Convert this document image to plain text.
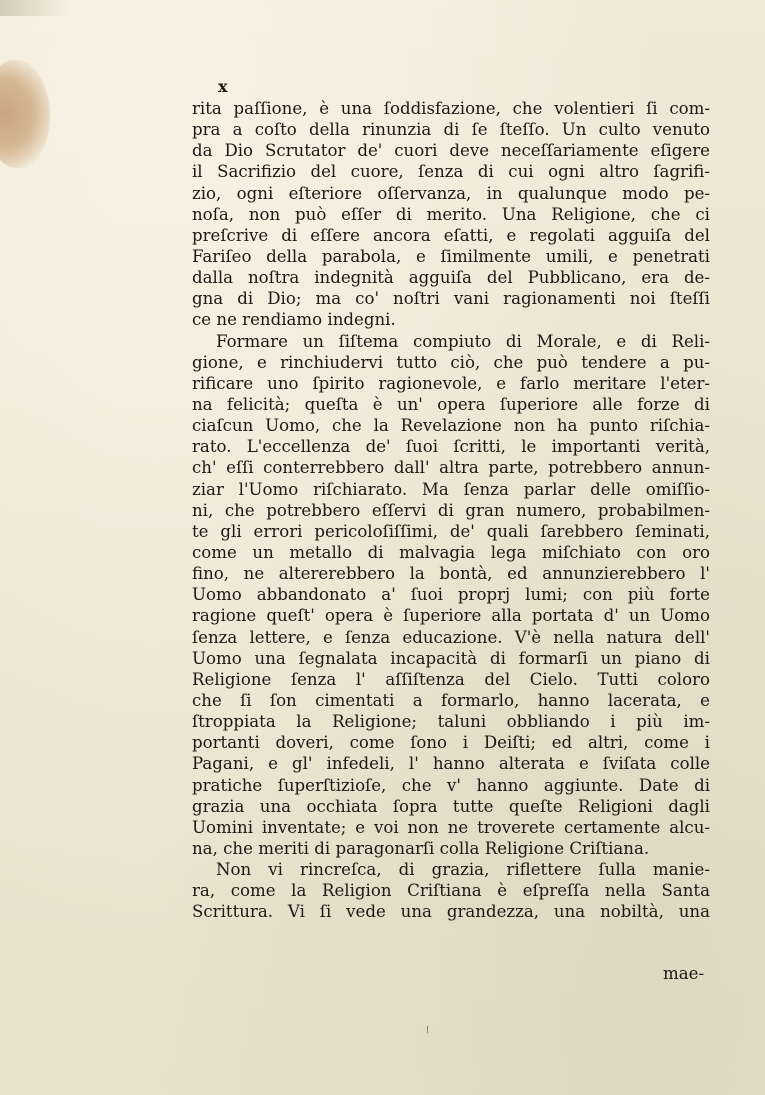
x
rita paſſione, è una ſoddisfazione, che volentieri ſi com-
pra a coſto della rinunzia di ſe ſteſſo. Un culto venuto
da Dio Scrutator de' cuori deve neceſſariamente eſigere
il Sacrifizio del cuore, ſenza di cui ogni altro ſagrifi-
zio, ogni eſteriore oſſervanza, in qualunque modo pe-
noſa, non può eſſer di merito. Una Religione, che ci
preſcrive di eſſere ancora eſatti, e regolati agguiſa del
Fariſeo della parabola, e ſimilmente umili, e penetrati
dalla noſtra indegnità agguiſa del Pubblicano, era de-
gna di Dio; ma co' noſtri vani ragionamenti noi ſteſſi
ce ne rendiamo indegni.
Formare un ſiſtema compiuto di Morale, e di Reli-
gione, e rinchiudervi tutto ciò, che può tendere a pu-
rificare uno ſpirito ragionevole, e farlo meritare l'eter-
na felicità; queſta è un' opera ſuperiore alle forze di
ciaſcun Uomo, che la Revelazione non ha punto riſchia-
rato. L'eccellenza de' ſuoi ſcritti, le importanti verità,
ch' eſſi conterrebbero dall' altra parte, potrebbero annun-
ziar l'Uomo riſchiarato. Ma ſenza parlar delle omiſſio-
ni, che potrebbero eſſervi di gran numero, probabilmen-
te gli errori pericoloſiſſimi, de' quali ſarebbero ſeminati,
come un metallo di malvagia lega miſchiato con oro
fino, ne altererebbero la bontà, ed annunzierebbero l'
Uomo abbandonato a' ſuoi proprj lumi; con più forte
ragione queſt' opera è ſuperiore alla portata d' un Uomo
ſenza lettere, e ſenza educazione. V'è nella natura dell'
Uomo una ſegnalata incapacità di formarſi un piano di
Religione ſenza l' aſſiſtenza del Cielo. Tutti coloro
che ſi ſon cimentati a formarlo, hanno lacerata, e
ſtroppiata la Religione; taluni obbliando i più im-
portanti doveri, come ſono i Deiſti; ed altri, come i
Pagani, e gl' infedeli, l' hanno alterata e ſviſata colle
pratiche ſuperſtizioſe, che v' hanno aggiunte. Date di
grazia una occhiata ſopra tutte queſte Religioni dagli
Uomini inventate; e voi non ne troverete certamente alcu-
na, che meriti di paragonarſi colla Religione Criſtiana.
Non vi rincreſca, di grazia, riflettere ſulla manie-
ra, come la Religion Criſtiana è eſpreſſa nella Santa
Scrittura. Vi ſi vede una grandezza, una nobiltà, una
mae-
